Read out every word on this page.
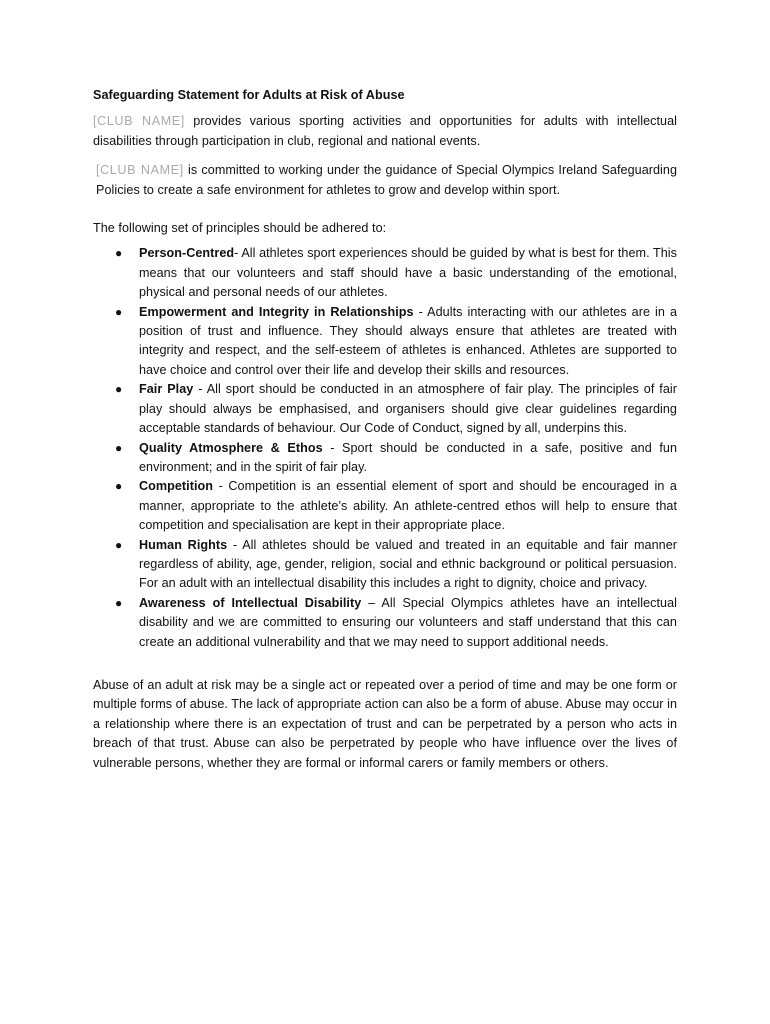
Safeguarding Statement for Adults at Risk of Abuse

[CLUB NAME] provides various sporting activities and opportunities for adults with intellectual disabilities through participation in club, regional and national events.

[CLUB NAME] is committed to working under the guidance of Special Olympics Ireland Safeguarding Policies to create a safe environment for athletes to grow and develop within sport.

The following set of principles should be adhered to:

● Person-Centred- All athletes sport experiences should be guided by what is best for them. This means that our volunteers and staff should have a basic understanding of the emotional, physical and personal needs of our athletes.
● Empowerment and Integrity in Relationships - Adults interacting with our athletes are in a position of trust and influence. They should always ensure that athletes are treated with integrity and respect, and the self-esteem of athletes is enhanced. Athletes are supported to have choice and control over their life and develop their skills and resources.
● Fair Play - All sport should be conducted in an atmosphere of fair play. The principles of fair play should always be emphasised, and organisers should give clear guidelines regarding acceptable standards of behaviour. Our Code of Conduct, signed by all, underpins this.
● Quality Atmosphere & Ethos - Sport should be conducted in a safe, positive and fun environment; and in the spirit of fair play.
● Competition - Competition is an essential element of sport and should be encouraged in a manner, appropriate to the athlete’s ability. An athlete-centred ethos will help to ensure that competition and specialisation are kept in their appropriate place.
● Human Rights - All athletes should be valued and treated in an equitable and fair manner regardless of ability, age, gender, religion, social and ethnic background or political persuasion. For an adult with an intellectual disability this includes a right to dignity, choice and privacy.
● Awareness of Intellectual Disability – All Special Olympics athletes have an intellectual disability and we are committed to ensuring our volunteers and staff understand that this can create an additional vulnerability and that we may need to support additional needs.

Abuse of an adult at risk may be a single act or repeated over a period of time and may be one form or multiple forms of abuse. The lack of appropriate action can also be a form of abuse. Abuse may occur in a relationship where there is an expectation of trust and can be perpetrated by a person who acts in breach of that trust. Abuse can also be perpetrated by people who have influence over the lives of vulnerable persons, whether they are formal or informal carers or family members or others.
